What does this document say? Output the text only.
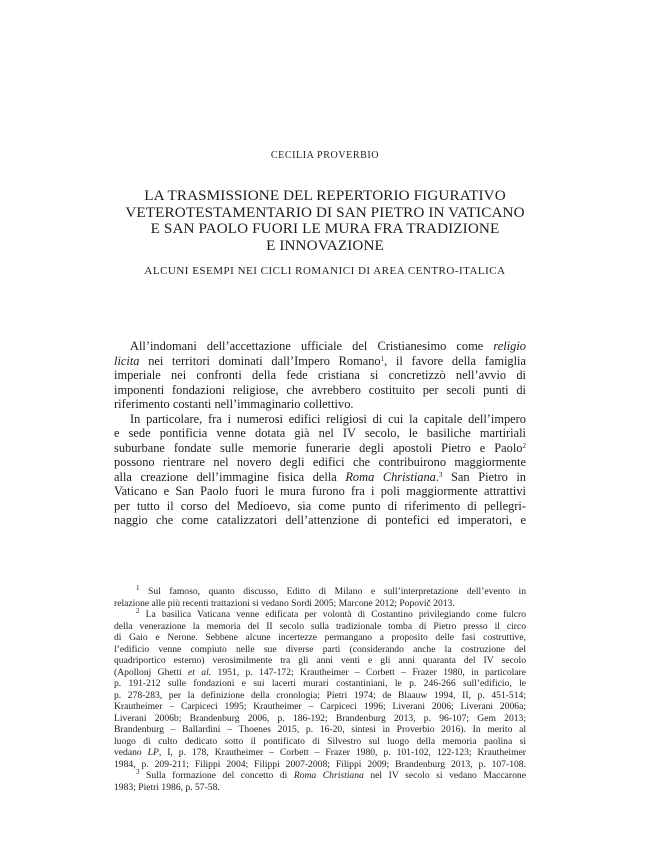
CECILIA PROVERBIO
LA TRASMISSIONE DEL REPERTORIO FIGURATIVO
VETEROTESTAMENTARIO DI SAN PIETRO IN VATICANO
E SAN PAOLO FUORI LE MURA FRA TRADIZIONE
E INNOVAZIONE
ALCUNI ESEMPI NEI CICLI ROMANICI DI AREA CENTRO-ITALICA
All’indomani dell’accettazione ufficiale del Cristianesimo come religio
licita nei territori dominati dall’Impero Romano$^1$, il favore della famiglia
imperiale nei confronti della fede cristiana si concretizzò nell’avvio di
imponenti fondazioni religiose, che avrebbero costituito per secoli punti di
riferimento costanti nell’immaginario collettivo.
In particolare, fra i numerosi edifici religiosi di cui la capitale dell’impero
e sede pontificia venne dotata già nel IV secolo, le basiliche martiriali
suburbane fondate sulle memorie funerarie degli apostoli Pietro e Paolo$^2$
possono rientrare nel novero degli edifici che contribuirono maggiormente
alla creazione dell’immagine fisica della Roma Christiana.$^3$ San Pietro in
Vaticano e San Paolo fuori le mura furono fra i poli maggiormente attrattivi
per tutto il corso del Medioevo, sia come punto di riferimento di pellegri-
naggio che come catalizzatori dell’attenzione di pontefici ed imperatori, e
$^1$ Sul famoso, quanto discusso, Editto di Milano e sull’interpretazione dell’evento in
relazione alle più recenti trattazioni si vedano Sordi 2005; Marcone 2012; Popovič 2013.
$^2$ La basilica Vaticana venne edificata per volontà di Costantino privilegiando come fulcro
della venerazione la memoria del II secolo sulla tradizionale tomba di Pietro presso il circo
di Gaio e Nerone. Sebbene alcune incertezze permangano a proposito delle fasi costruttive,
l’edificio venne compiuto nelle sue diverse parti (considerando anche la costruzione del
quadriportico esterno) verosimilmente tra gli anni venti e gli anni quaranta del IV secolo
(Apollonj Ghetti et al. 1951, p. 147-172; Krautheimer – Corbett – Frazer 1980, in particolare
p. 191-212 sulle fondazioni e sui lacerti murari costantiniani, le p. 246-266 sull’edificio, le
p. 278-283, per la definizione della cronologia; Pietri 1974; de Blaauw 1994, II, p. 451-514;
Krautheimer – Carpiceci 1995; Krautheimer – Carpiceci 1996; Liverani 2006; Liverani 2006a;
Liverani 2006b; Brandenburg 2006, p. 186-192; Brandenburg 2013, p. 96-107; Gem 2013;
Brandenburg – Ballardini – Thoenes 2015, p. 16-20, sintesi in Proverbio 2016). In merito al
luogo di culto dedicato sotto il pontificato di Silvestro sul luogo della memoria paolina si
vedano LP, I, p. 178, Krautheimer – Corbett – Frazer 1980, p. 101-102, 122-123; Krautheimer
1984, p. 209-211; Filippi 2004; Filippi 2007-2008; Filippi 2009; Brandenburg 2013, p. 107-108.
$^3$ Sulla formazione del concetto di Roma Christiana nel IV secolo si vedano Maccarone
1983; Pietri 1986, p. 57-58.
